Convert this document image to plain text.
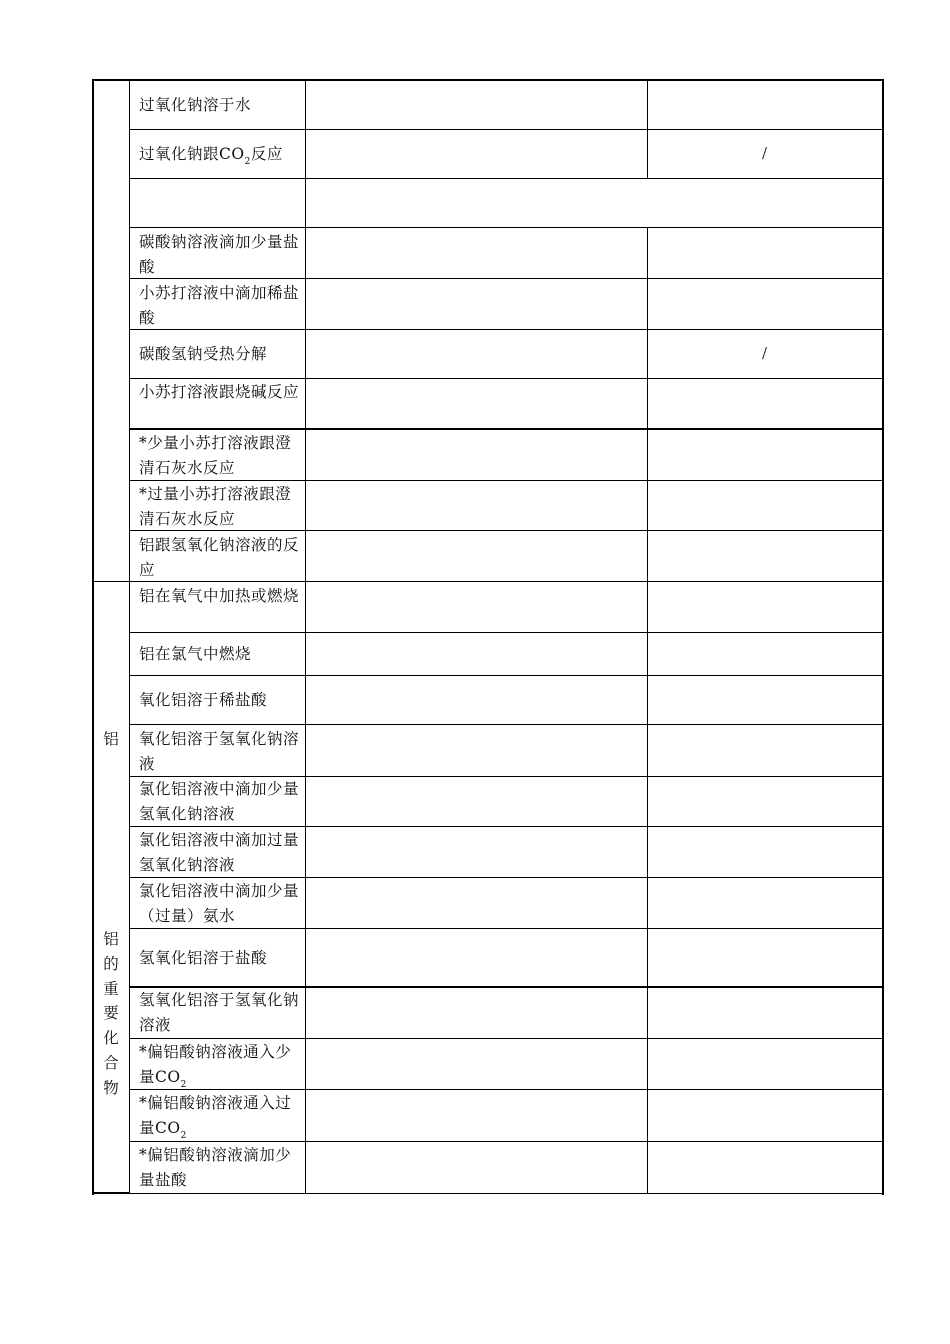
铝
铝
的
重
要
化
合
物
过氧化钠溶于水
过氧化钠跟$CO_2$反应
碳酸钠溶液滴加少量盐酸
小苏打溶液中滴加稀盐酸
碳酸氢钠受热分解
小苏打溶液跟烧碱反应
*少量小苏打溶液跟澄清石灰水反应
*过量小苏打溶液跟澄清石灰水反应
铝跟氢氧化钠溶液的反应
铝在氧气中加热或燃烧
铝在氯气中燃烧
氧化铝溶于稀盐酸
氧化铝溶于氢氧化钠溶液
氯化铝溶液中滴加少量氢氧化钠溶液
氯化铝溶液中滴加过量氢氧化钠溶液
氯化铝溶液中滴加少量（过量）氨水
氢氧化铝溶于盐酸
氢氧化铝溶于氢氧化钠溶液
*偏铝酸钠溶液通入少量$CO_2$
*偏铝酸钠溶液通入过量$CO_2$
*偏铝酸钠溶液滴加少量盐酸
/
/
